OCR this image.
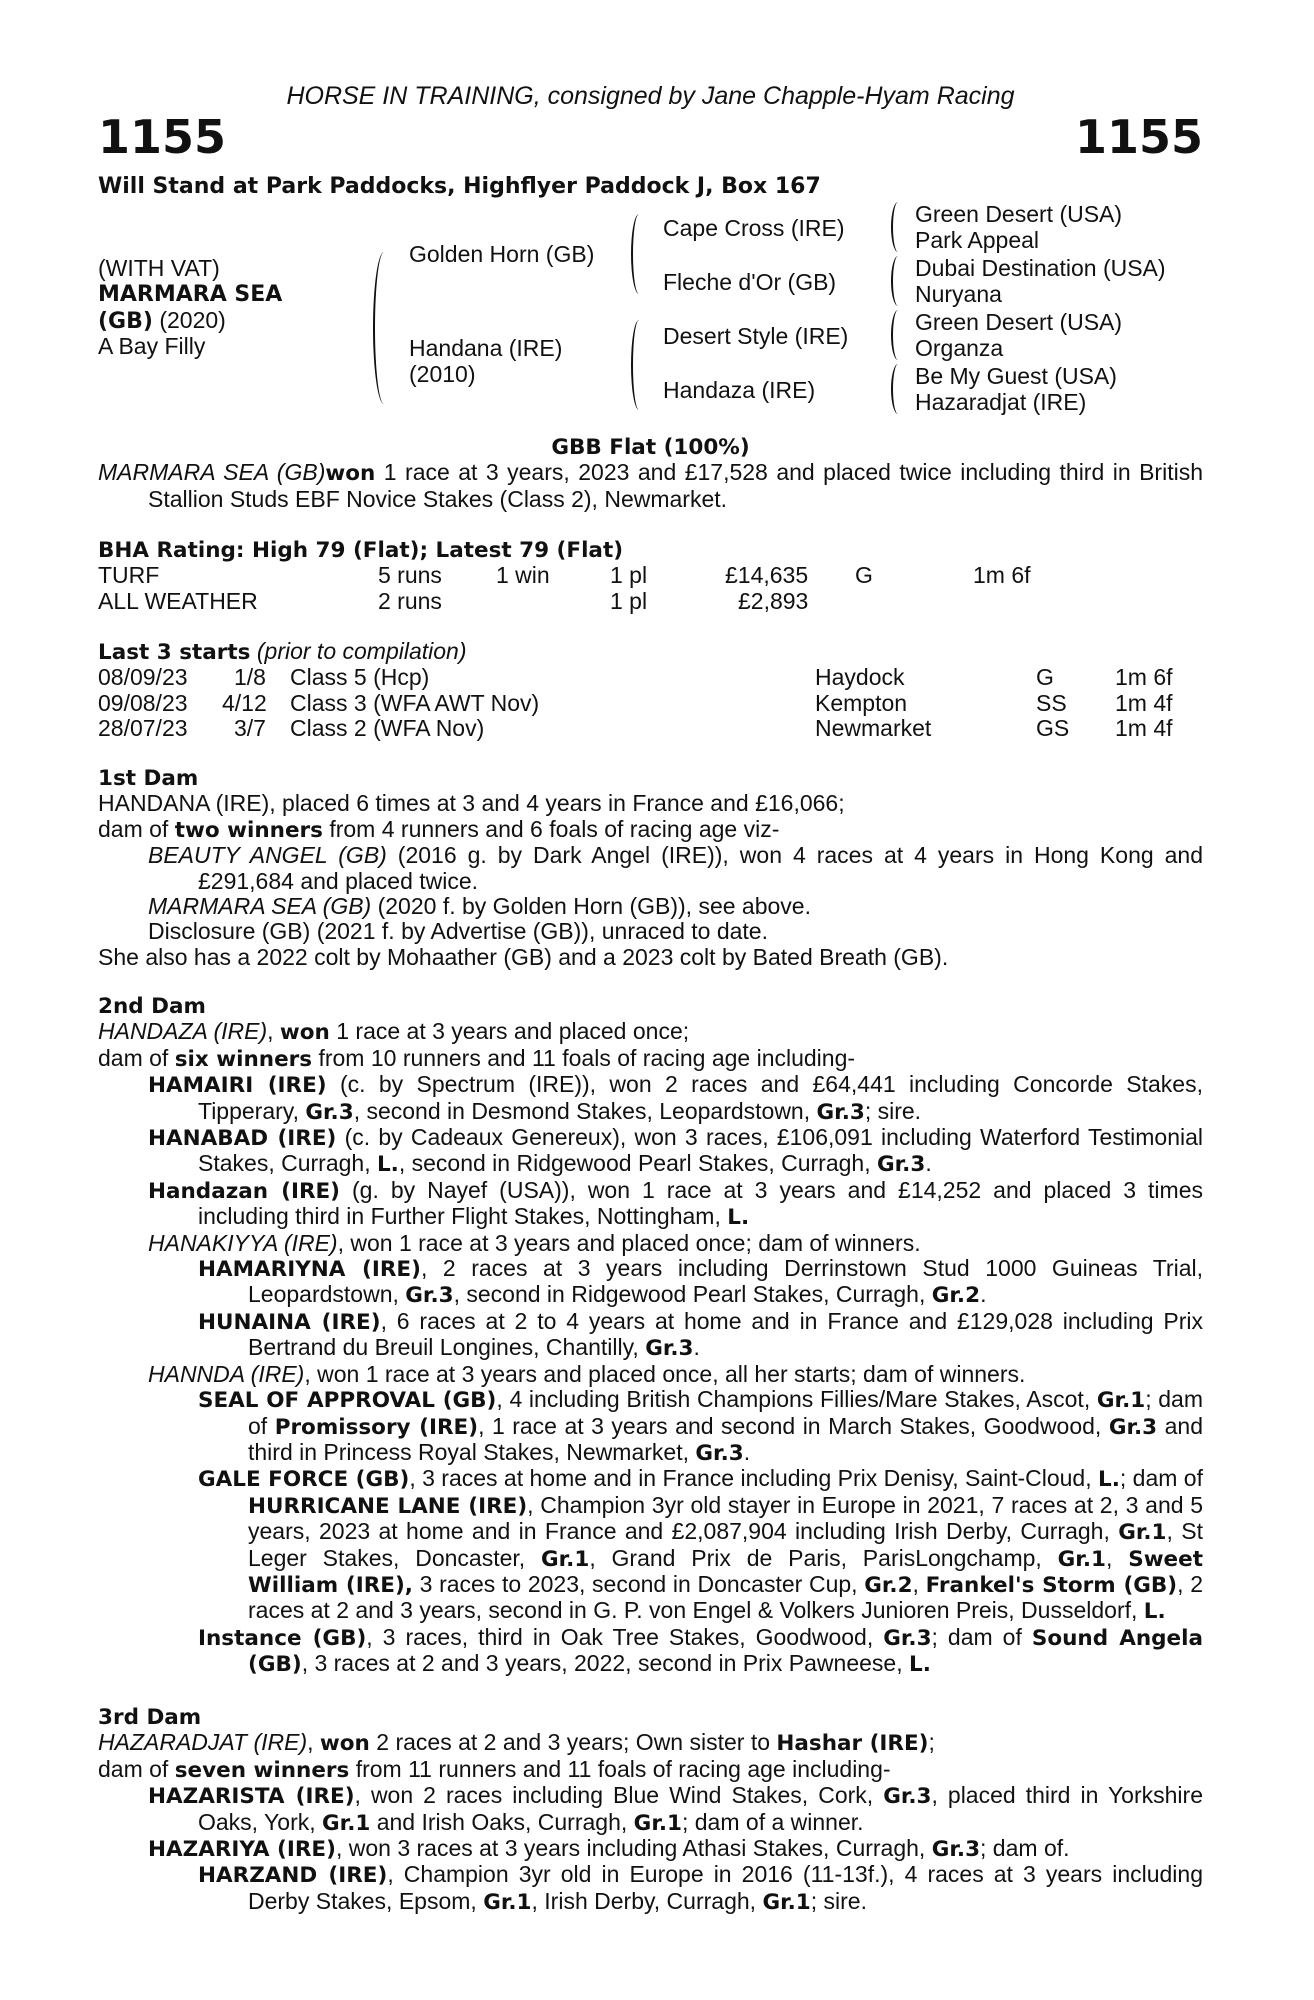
HORSE IN TRAINING, consigned by Jane Chapple-Hyam Racing
1155	1155
Will Stand at Park Paddocks, Highflyer Paddock J, Box 167
(WITH VAT)
MARMARA SEA
(GB) (2020)
A Bay Filly
Golden Horn (GB)
Handana (IRE)
(2010)
Cape Cross (IRE)
Fleche d'Or (GB)
Desert Style (IRE)
Handaza (IRE)
Green Desert (USA)
Park Appeal
Dubai Destination (USA)
Nuryana
Green Desert (USA)
Organza
Be My Guest (USA)
Hazaradjat (IRE)
GBB Flat (100%)
MARMARA SEA (GB)won 1 race at 3 years, 2023 and £17,528 and placed twice including third in British Stallion Studs EBF Novice Stakes (Class 2), Newmarket.
BHA Rating: High 79 (Flat); Latest 79 (Flat)
TURF	5 runs 1 win	1 pl	£14,635 G	1m 6f
ALL WEATHER	2 runs	1 pl	£2,893
Last 3 starts (prior to compilation)
08/09/23 1/8 Class 5 (Hcp)	Haydock	G	1m 6f
09/08/23 4/12 Class 3 (WFA AWT Nov)	Kempton	SS 1m 4f
28/07/23 3/7 Class 2 (WFA Nov)	Newmarket	GS 1m 4f
1st Dam
HANDANA (IRE), placed 6 times at 3 and 4 years in France and £16,066;
dam of two winners from 4 runners and 6 foals of racing age viz-
BEAUTY ANGEL (GB) (2016 g. by Dark Angel (IRE)), won 4 races at 4 years in Hong Kong and £291,684 and placed twice.
MARMARA SEA (GB) (2020 f. by Golden Horn (GB)), see above.
Disclosure (GB) (2021 f. by Advertise (GB)), unraced to date.
She also has a 2022 colt by Mohaather (GB) and a 2023 colt by Bated Breath (GB).
2nd Dam
HANDAZA (IRE), won 1 race at 3 years and placed once;
dam of six winners from 10 runners and 11 foals of racing age including-
HAMAIRI (IRE) (c. by Spectrum (IRE)), won 2 races and £64,441 including Concorde Stakes, Tipperary, Gr.3, second in Desmond Stakes, Leopardstown, Gr.3; sire.
HANABAD (IRE) (c. by Cadeaux Genereux), won 3 races, £106,091 including Waterford Testimonial Stakes, Curragh, L., second in Ridgewood Pearl Stakes, Curragh, Gr.3.
Handazan (IRE) (g. by Nayef (USA)), won 1 race at 3 years and £14,252 and placed 3 times including third in Further Flight Stakes, Nottingham, L.
HANAKIYYA (IRE), won 1 race at 3 years and placed once; dam of winners.
HAMARIYNA (IRE), 2 races at 3 years including Derrinstown Stud 1000 Guineas Trial, Leopardstown, Gr.3, second in Ridgewood Pearl Stakes, Curragh, Gr.2.
HUNAINA (IRE), 6 races at 2 to 4 years at home and in France and £129,028 including Prix Bertrand du Breuil Longines, Chantilly, Gr.3.
HANNDA (IRE), won 1 race at 3 years and placed once, all her starts; dam of winners.
SEAL OF APPROVAL (GB), 4 including British Champions Fillies/Mare Stakes, Ascot, Gr.1; dam of Promissory (IRE), 1 race at 3 years and second in March Stakes, Goodwood, Gr.3 and third in Princess Royal Stakes, Newmarket, Gr.3.
GALE FORCE (GB), 3 races at home and in France including Prix Denisy, Saint-Cloud, L.; dam of HURRICANE LANE (IRE), Champion 3yr old stayer in Europe in 2021, 7 races at 2, 3 and 5 years, 2023 at home and in France and £2,087,904 including Irish Derby, Curragh, Gr.1, St Leger Stakes, Doncaster, Gr.1, Grand Prix de Paris, ParisLongchamp, Gr.1, Sweet William (IRE), 3 races to 2023, second in Doncaster Cup, Gr.2, Frankel's Storm (GB), 2 races at 2 and 3 years, second in G. P. von Engel & Volkers Junioren Preis, Dusseldorf, L.
Instance (GB), 3 races, third in Oak Tree Stakes, Goodwood, Gr.3; dam of Sound Angela (GB), 3 races at 2 and 3 years, 2022, second in Prix Pawneese, L.
3rd Dam
HAZARADJAT (IRE), won 2 races at 2 and 3 years; Own sister to Hashar (IRE);
dam of seven winners from 11 runners and 11 foals of racing age including-
HAZARISTA (IRE), won 2 races including Blue Wind Stakes, Cork, Gr.3, placed third in Yorkshire Oaks, York, Gr.1 and Irish Oaks, Curragh, Gr.1; dam of a winner.
HAZARIYA (IRE), won 3 races at 3 years including Athasi Stakes, Curragh, Gr.3; dam of.
HARZAND (IRE), Champion 3yr old in Europe in 2016 (11-13f.), 4 races at 3 years including Derby Stakes, Epsom, Gr.1, Irish Derby, Curragh, Gr.1; sire.
